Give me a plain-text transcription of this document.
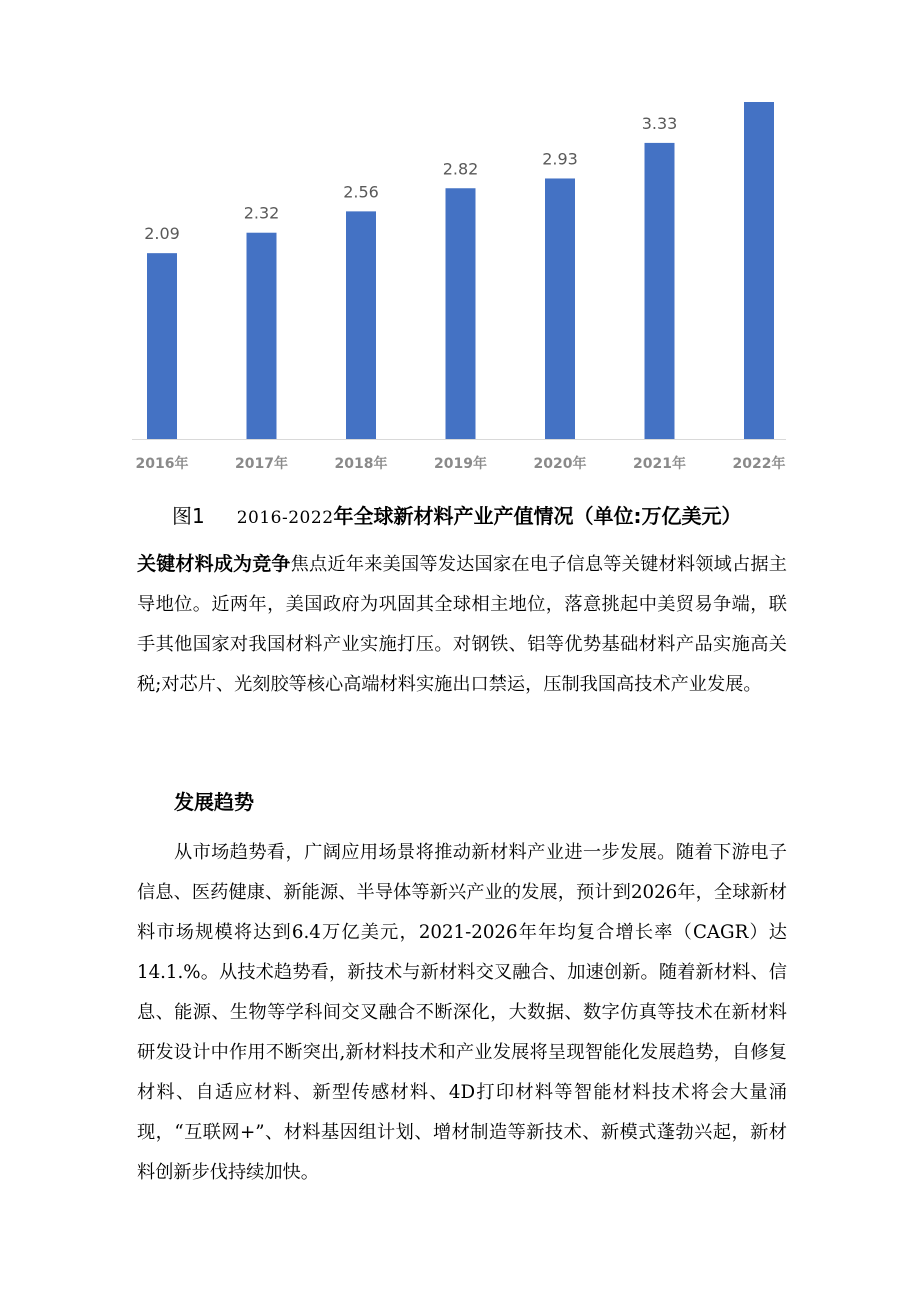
2.09
2016年
2.32
2017年
2.56
2018年
2.82
2019年
2.93
2020年
3.33
2021年	2022年
图1 2016-2022年全球新材料产业产值情况（单位:万亿美元）

关键材料成为竞争焦点近年来美国等发达国家在电子信息等关键材料领域占据主导地位。近两年，美国政府为巩固其全球相主地位，落意挑起中美贸易争端，联手其他国家对我国材料产业实施打压。对钢铁、铝等优势基础材料产品实施高关税;对芯片、光刻胶等核心高端材料实施出口禁运，压制我国高技术产业发展。

发展趋势

从市场趋势看，广阔应用场景将推动新材料产业进一步发展。随着下游电子信息、医药健康、新能源、半导体等新兴产业的发展，预计到2026年，全球新材料市场规模将达到6.4万亿美元，2021-2026年年均复合增长率（CAGR）达14.1.%。从技术趋势看，新技术与新材料交叉融合、加速创新。随着新材料、信息、能源、生物等学科间交叉融合不断深化，大数据、数字仿真等技术在新材料研发设计中作用不断突出,新材料技术和产业发展将呈现智能化发展趋势，自修复材料、自适应材料、新型传感材料、4D打印材料等智能材料技术将会大量涌现，“互联网+”、材料基因组计划、增材制造等新技术、新模式蓬勃兴起，新材料创新步伐持续加快。
